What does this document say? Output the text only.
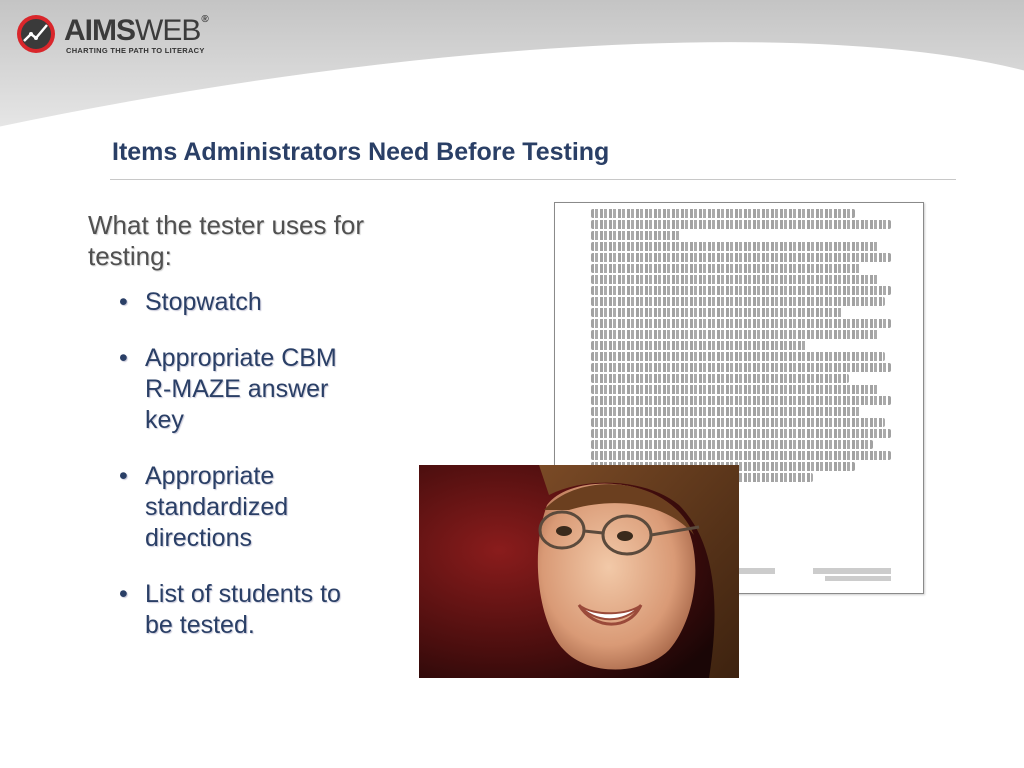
AIMSWEB®
CHARTING THE PATH TO LITERACY
Items Administrators Need Before Testing
What the tester uses for testing:
• Stopwatch
• Appropriate CBM R-MAZE answer key
• Appropriate standardized directions
• List of students to be tested.
